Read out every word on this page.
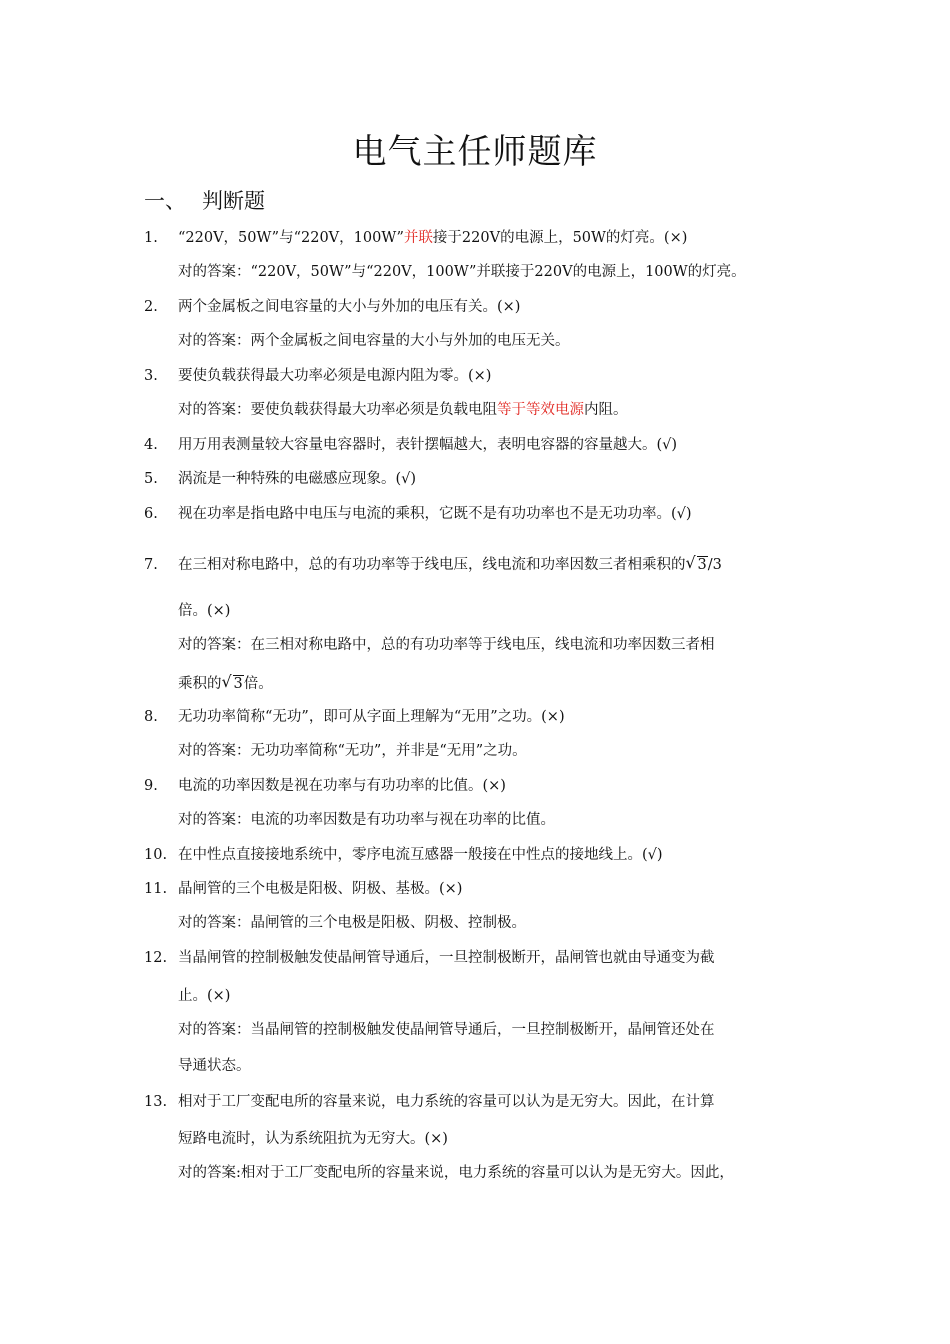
电气主任师题库
一、 判断题
1. “220V，50W”与“220V，100W”并联接于220V的电源上，50W的灯亮。(×)
对的答案：“220V，50W”与“220V，100W”并联接于220V的电源上，100W的灯亮。
2. 两个金属板之间电容量的大小与外加的电压有关。(×)
对的答案：两个金属板之间电容量的大小与外加的电压无关。
3. 要使负载获得最大功率必须是电源内阻为零。(×)
对的答案：要使负载获得最大功率必须是负载电阻等于等效电源内阻。
4. 用万用表测量较大容量电容器时，表针摆幅越大，表明电容器的容量越大。(√)
5. 涡流是一种特殊的电磁感应现象。(√)
6. 视在功率是指电路中电压与电流的乘积，它既不是有功功率也不是无功功率。(√)
7. 在三相对称电路中，总的有功功率等于线电压，线电流和功率因数三者相乘积的 √ 3/3
倍。(×)
对的答案：在三相对称电路中，总的有功功率等于线电压，线电流和功率因数三者相
乘积的 √ 3倍。
8. 无功功率简称“无功”，即可从字面上理解为“无用”之功。(×)
对的答案：无功功率简称“无功”，并非是“无用”之功。
9. 电流的功率因数是视在功率与有功功率的比值。(×)
对的答案：电流的功率因数是有功功率与视在功率的比值。
10. 在中性点直接接地系统中，零序电流互感器一般接在中性点的接地线上。(√)
11. 晶闸管的三个电极是阳极、阴极、基极。(×)
对的答案：晶闸管的三个电极是阳极、阴极、控制极。
12. 当晶闸管的控制极触发使晶闸管导通后，一旦控制极断开，晶闸管也就由导通变为截
止。(×)
对的答案：当晶闸管的控制极触发使晶闸管导通后，一旦控制极断开，晶闸管还处在
导通状态。
13. 相对于工厂变配电所的容量来说，电力系统的容量可以认为是无穷大。因此，在计算
短路电流时，认为系统阻抗为无穷大。(×)
对的答案:相对于工厂变配电所的容量来说，电力系统的容量可以认为是无穷大。因此，
